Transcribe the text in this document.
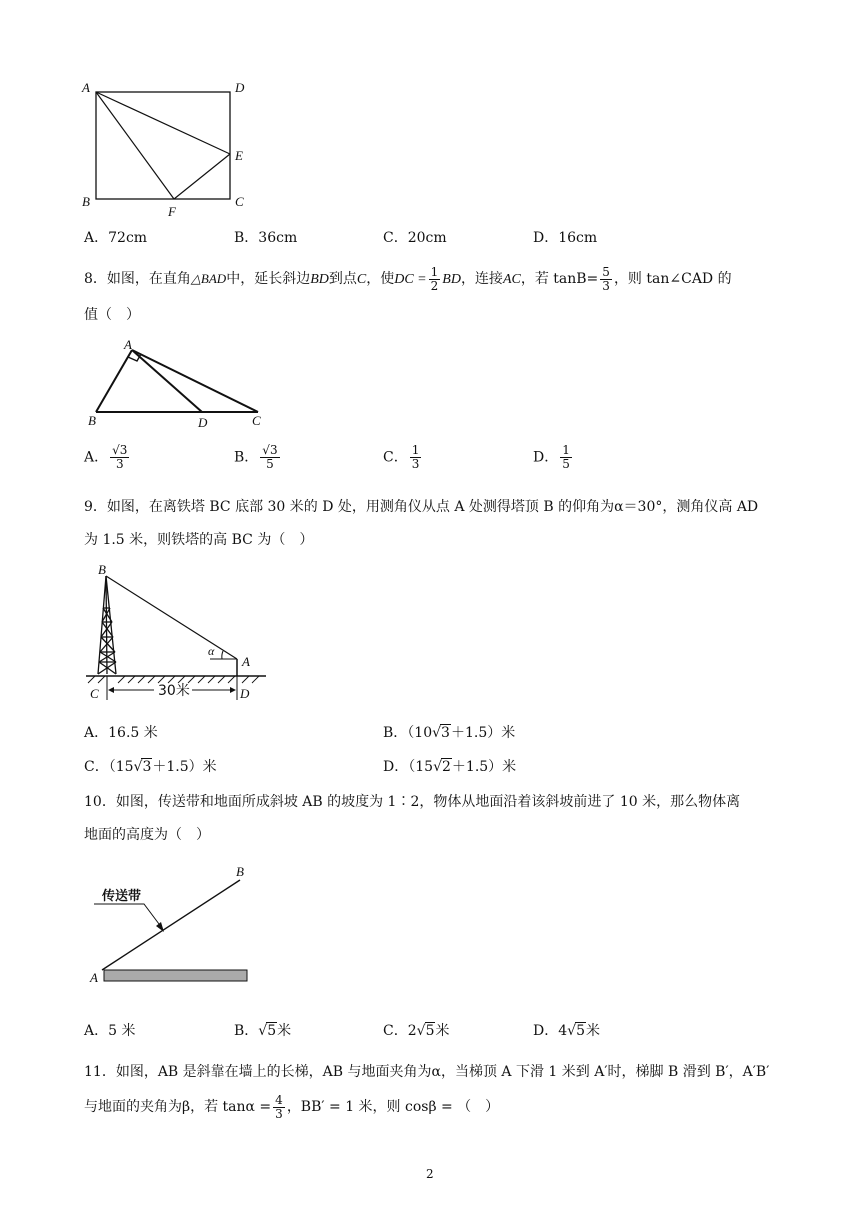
A	D
E
B	C
F
A．72cm	B．36cm	C．20cm	D．16cm
8．如图，在直角△BAD中，延长斜边BD到点C，使DC = $\frac{1}{2}$ BD，连接AC，若 $\tan B= \frac{5}{3}$ ，则 tan∠CAD 的
值（　）
A
B	D	C
A． $\frac{√3}{3}$	B． $\frac{√3}{5}$	C． $\frac{1}{3}$	D． $\frac{1}{5}$
9．如图，在离铁塔 BC 底部 30 米的 D 处，用测角仪从点 A 处测得塔顶 B 的仰角为α＝30°，测角仪高 AD
为 1.5 米，则铁塔的高 BC 为（　）
30米
B
α
A
C	D
A．16.5 米	B．（10√3＋1.5）米
C．（15√3＋1.5）米	D．（15√2＋1.5）米
10．如图，传送带和地面所成斜坡 AB 的坡度为 1∶2，物体从地面沿着该斜坡前进了 10 米，那么物体离
地面的高度为（　）
传送带
B
A
A．5 米	B．√5米	C．2√5米	D．4√5米
11．如图，AB 是斜靠在墙上的长梯，AB 与地面夹角为α，当梯顶 A 下滑 1 米到 A′时，梯脚 B 滑到 B′，A′B′
与地面的夹角为β，若 $\tan\alpha = \frac{4}{3}$ ，BB′ = 1 米，则 cosβ = （　）
2
